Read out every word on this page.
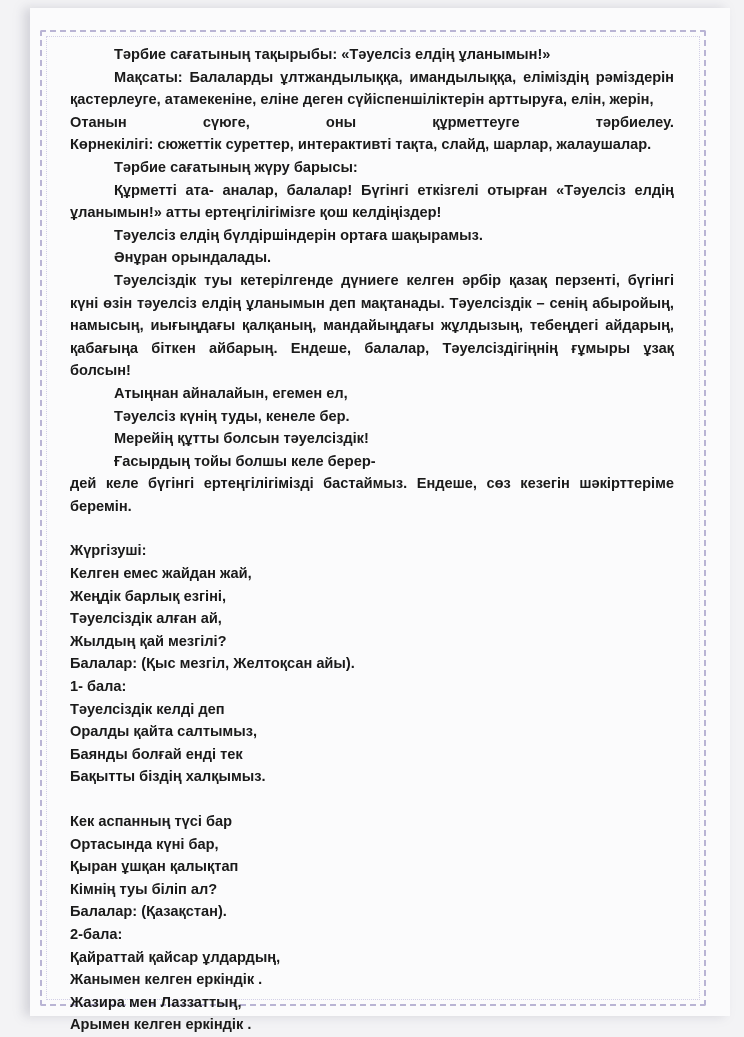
Тәрбие сағатының тақырыбы: «Тәуелсіз елдің ұланымын!»

Мақсаты: Балаларды ұлтжандылыққа, имандылыққа, еліміздің рәміздерін қастерлеуге, атамекеніне, еліне деген сүйіспеншіліктерін арттыруға, елін, жерін,

Отанын	сүюге,	оны	құрметтеуге	тәрбиелеу.

Көрнекілігі: сюжеттік суреттер, интерактивті тақта, слайд, шарлар, жалаушалар.

Тәрбие сағатының жүру барысы:

Құрметті ата- аналар, балалар! Бүгінгі еткізгелі отырған «Тәуелсіз елдің ұланымын!» атты ертеңгілігімізге қош келдіңіздер!

Тәуелсіз елдің бүлдіршіндерін ортаға шақырамыз.

Әнұран орындалады.

Тәуелсіздік туы кетерілгенде дүниеге келген әрбір қазақ перзенті, бүгінгі күні өзін тәуелсіз елдің ұланымын деп мақтанады. Тәуелсіздік – сенің абыройың, намысың, иығыңдағы қалқаның, мандайыңдағы жұлдызың, тебеңдегі айдарың, қабағыңа біткен айбарың. Ендеше, балалар, Тәуелсіздігіңнің ғұмыры ұзақ болсын!

Атыңнан айналайын, егемен ел,

Тәуелсіз күнің туды, кенеле бер.

Мерейің құтты болсын тәуелсіздік!

Ғасырдың тойы болшы келе берер-

дей келе бүгінгі ертеңгілігімізді бастаймыз. Ендеше, сөз кезегін шәкірттеріме беремін.

Жүргізуші:

Келген емес жайдан жай,

Жеңдік барлық езгіні,

Тәуелсіздік алған ай,

Жылдың қай мезгілі?

Балалар: (Қыс мезгіл, Желтоқсан айы).

1- бала:

Тәуелсіздік келді деп

Оралды қайта салтымыз,

Баянды болғай енді тек

Бақытты біздің халқымыз.

Кек аспанның түсі бар

Ортасында күні бар,

Қыран ұшқан қалықтап

Кімнің туы біліп ал?

Балалар: (Қазақстан).

2-бала:

Қайраттай қайсар ұлдардың,

Жанымен келген еркіндік .

Жазира мен Лаззаттың,

Арымен келген еркіндік .
